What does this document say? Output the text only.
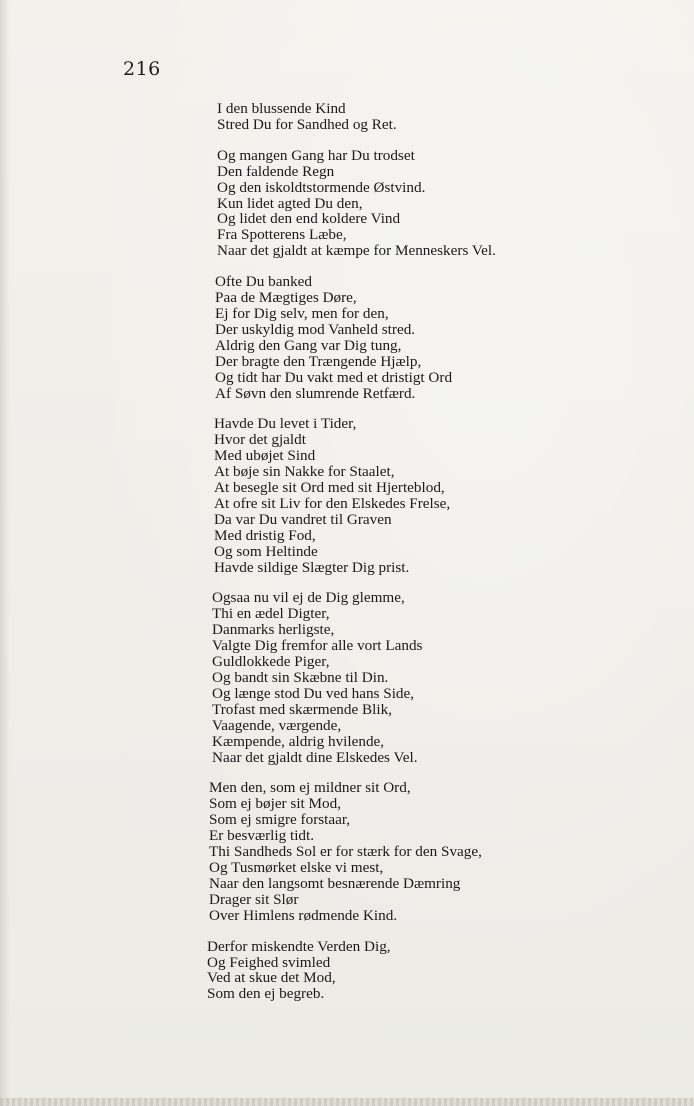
216
I den blussende Kind
Stred Du for Sandhed og Ret.
Og mangen Gang har Du trodset
Den faldende Regn
Og den iskoldtstormende Østvind.
Kun lidet agted Du den,
Og lidet den end koldere Vind
Fra Spotterens Læbe,
Naar det gjaldt at kæmpe for Menneskers Vel.
Ofte Du banked
Paa de Mægtiges Døre,
Ej for Dig selv, men for den,
Der uskyldig mod Vanheld stred.
Aldrig den Gang var Dig tung,
Der bragte den Trængende Hjælp,
Og tidt har Du vakt med et dristigt Ord
Af Søvn den slumrende Retfærd.
Havde Du levet i Tider,
Hvor det gjaldt
Med ubøjet Sind
At bøje sin Nakke for Staalet,
At besegle sit Ord med sit Hjerteblod,
At ofre sit Liv for den Elskedes Frelse,
Da var Du vandret til Graven
Med dristig Fod,
Og som Heltinde
Havde sildige Slægter Dig prist.
Ogsaa nu vil ej de Dig glemme,
Thi en ædel Digter,
Danmarks herligste,
Valgte Dig fremfor alle vort Lands
Guldlokkede Piger,
Og bandt sin Skæbne til Din.
Og længe stod Du ved hans Side,
Trofast med skærmende Blik,
Vaagende, værgende,
Kæmpende, aldrig hvilende,
Naar det gjaldt dine Elskedes Vel.
Men den, som ej mildner sit Ord,
Som ej bøjer sit Mod,
Som ej smigre forstaar,
Er besværlig tidt.
Thi Sandheds Sol er for stærk for den Svage,
Og Tusmørket elske vi mest,
Naar den langsomt besnærende Dæmring
Drager sit Slør
Over Himlens rødmende Kind.
Derfor miskendte Verden Dig,
Og Feighed svimled
Ved at skue det Mod,
Som den ej begreb.
